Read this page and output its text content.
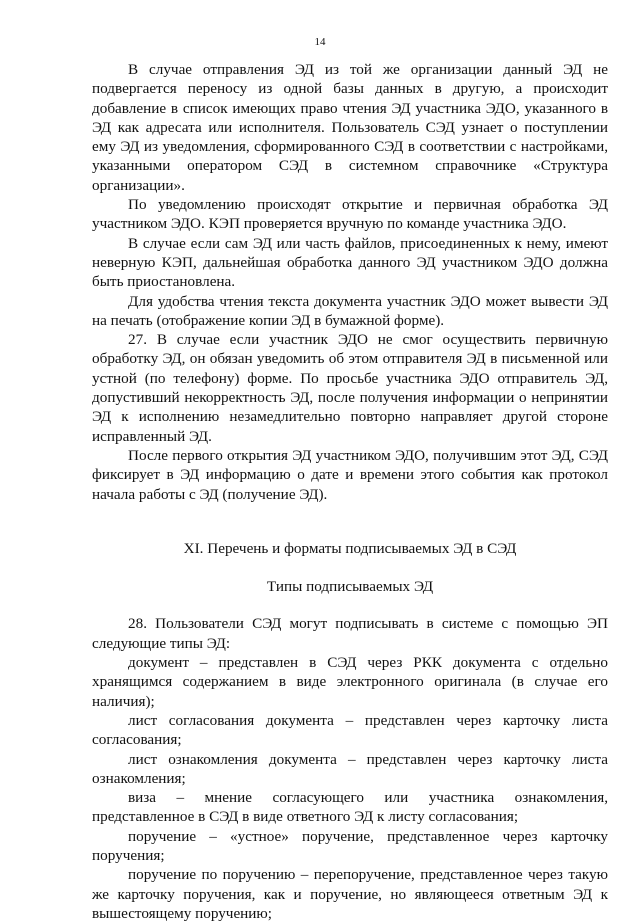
14

В случае отправления ЭД из той же организации данный ЭД не подвергается переносу из одной базы данных в другую, а происходит добавление в список имеющих право чтения ЭД участника ЭДО, указанного в ЭД как адресата или исполнителя. Пользователь СЭД узнает о поступлении ему ЭД из уведомления, сформированного СЭД в соответствии с настройками, указанными оператором СЭД в системном справочнике «Структура организации».

По уведомлению происходят открытие и первичная обработка ЭД участником ЭДО. КЭП проверяется вручную по команде участника ЭДО.

В случае если сам ЭД или часть файлов, присоединенных к нему, имеют неверную КЭП, дальнейшая обработка данного ЭД участником ЭДО должна быть приостановлена.

Для удобства чтения текста документа участник ЭДО может вывести ЭД на печать (отображение копии ЭД в бумажной форме).

27. В случае если участник ЭДО не смог осуществить первичную обработку ЭД, он обязан уведомить об этом отправителя ЭД в письменной или устной (по телефону) форме. По просьбе участника ЭДО отправитель ЭД, допустивший некорректность ЭД, после получения информации о непринятии ЭД к исполнению незамедлительно повторно направляет другой стороне исправленный ЭД.

После первого открытия ЭД участником ЭДО, получившим этот ЭД, СЭД фиксирует в ЭД информацию о дате и времени этого события как протокол начала работы с ЭД (получение ЭД).

XI. Перечень и форматы подписываемых ЭД в СЭД
Типы подписываемых ЭД

28. Пользователи СЭД могут подписывать в системе с помощью ЭП следующие типы ЭД:

документ – представлен в СЭД через РКК документа с отдельно хранящимся содержанием в виде электронного оригинала (в случае его наличия);

лист согласования документа – представлен через карточку листа согласования;

лист ознакомления документа – представлен через карточку листа ознакомления;

виза – мнение согласующего или участника ознакомления, представленное в СЭД в виде ответного ЭД к листу согласования;

поручение – «устное» поручение, представленное через карточку поручения;

поручение по поручению – перепоручение, представленное через такую же карточку поручения, как и поручение, но являющееся ответным ЭД к вышестоящему поручению;
